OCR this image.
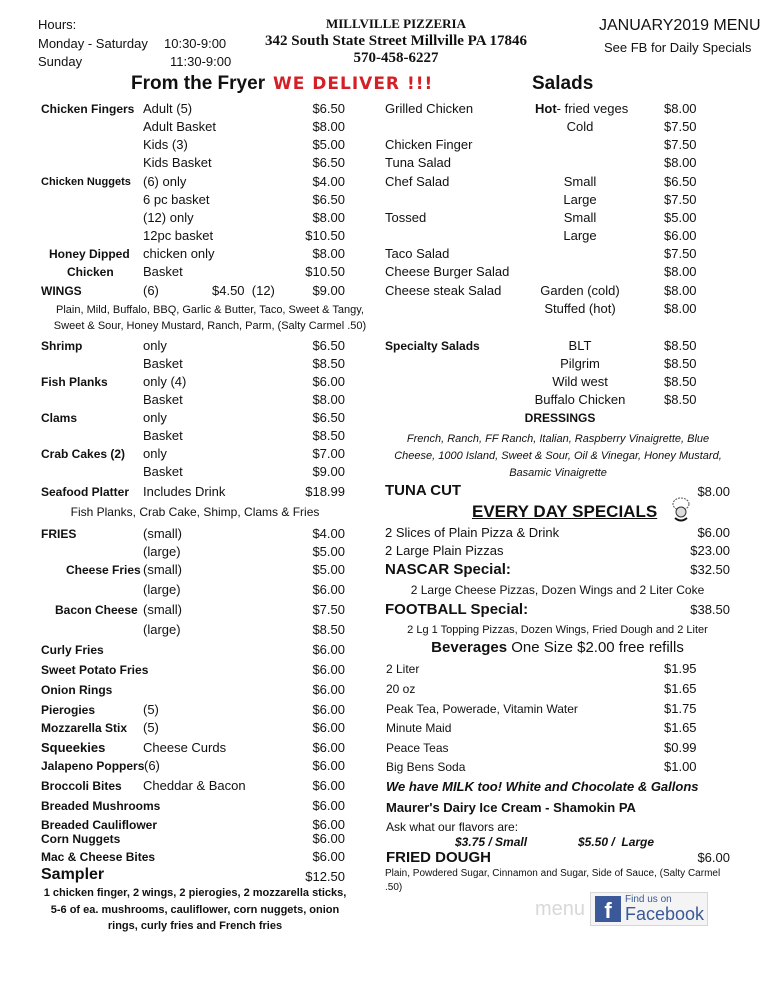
Hours:
Monday - Saturday 10:30-9:00
Sunday	11:30-9:00
MILLVILLE PIZZERIA
342 South State Street Millville PA 17846
570-458-6227
JANUARY2019 MENU
See FB for Daily Specials
From the Fryer WE DELIVER !!!	Salads
Chicken Fingers Adult (5)	$6.50
Adult Basket	$8.00
Kids (3)	$5.00
Kids Basket	$6.50
Chicken Nuggets (6) only	$4.00
6 pc basket	$6.50
(12) only	$8.00
12pc basket	$10.50
Honey Dipped chicken only	$8.00
Chicken Basket	$10.50
WINGS	(6)	$4.50  (12)	$9.00
Plain, Mild, Buffalo, BBQ, Garlic & Butter, Taco, Sweet & Tangy,
Sweet & Sour, Honey Mustard, Ranch, Parm, (Salty Carmel .50)
Shrimp	only	$6.50
Basket	$8.50
Fish Planks	only (4)	$6.00
Basket	$8.00
Clams	only	$6.50
Basket	$8.50
Crab Cakes (2) only	$7.00
Basket	$9.00
Seafood Platter Includes Drink	$18.99
Fish Planks, Crab Cake, Shimp, Clams & Fries
FRIES	(small)	$4.00
(large)	$5.00
Cheese Fries (small)	$5.00
(large)	$6.00
Bacon Cheese (small)	$7.50
(large)	$8.50
Curly Fries	$6.00
Sweet Potato Fries	$6.00
Onion Rings	$6.00
Pierogies	(5)	$6.00
Mozzarella Stix (5)	$6.00
Squeekies	Cheese Curds	$6.00
Jalapeno Poppers (6)	$6.00
Broccoli Bites Cheddar & Bacon	$6.00
Breaded Mushrooms	$6.00
Breaded Cauliflower	$6.00
Corn Nuggets	$6.00
Mac & Cheese Bites	$6.00
Sampler	$12.50
1 chicken finger, 2 wings, 2 pierogies, 2 mozzarella sticks,
5-6 of ea. mushrooms, cauliflower, corn nuggets, onion
rings, curly fries and French fries
Grilled Chicken	Hot- fried veges	$8.00
Cold	$7.50
Chicken Finger	$7.50
Tuna Salad	$8.00
Chef Salad	Small	$6.50
Large	$7.50
Tossed	Small	$5.00
Large	$6.00
Taco Salad	$7.50
Cheese Burger Salad	$8.00
Cheese steak Salad	Garden (cold)	$8.00
Stuffed (hot)	$8.00
Specialty Salads	BLT	$8.50
Pilgrim	$8.50
Wild west	$8.50
Buffalo Chicken	$8.50
DRESSINGS
French, Ranch, FF Ranch, Italian, Raspberry Vinaigrette, Blue
Cheese, 1000 Island, Sweet & Sour, Oil & Vinegar, Honey Mustard,
Basamic Vinaigrette
TUNA CUT	$8.00
EVERY DAY SPECIALS
2 Slices of Plain Pizza & Drink	$6.00
2 Large Plain Pizzas	$23.00
NASCAR Special:	$32.50
2 Large Cheese Pizzas, Dozen Wings and 2 Liter Coke
FOOTBALL Special:	$38.50
2 Lg 1 Topping Pizzas, Dozen Wings, Fried Dough and 2 Liter
Beverages One Size $2.00 free refills
2 Liter	$1.95
20 oz	$1.65
Peak Tea, Powerade, Vitamin Water	$1.75
Minute Maid	$1.65
Peace Teas	$0.99
Big Bens Soda	$1.00
We have MILK too! White and Chocolate & Gallons
Maurer's Dairy Ice Cream - Shamokin PA
Ask what our flavors are:
$3.75 / Small	$5.50 /  Large
FRIED DOUGH	$6.00
Plain, Powdered Sugar, Cinnamon and Sugar, Side of Sauce, (Salty Carmel
.50)
menu f	Find us on
Facebook
